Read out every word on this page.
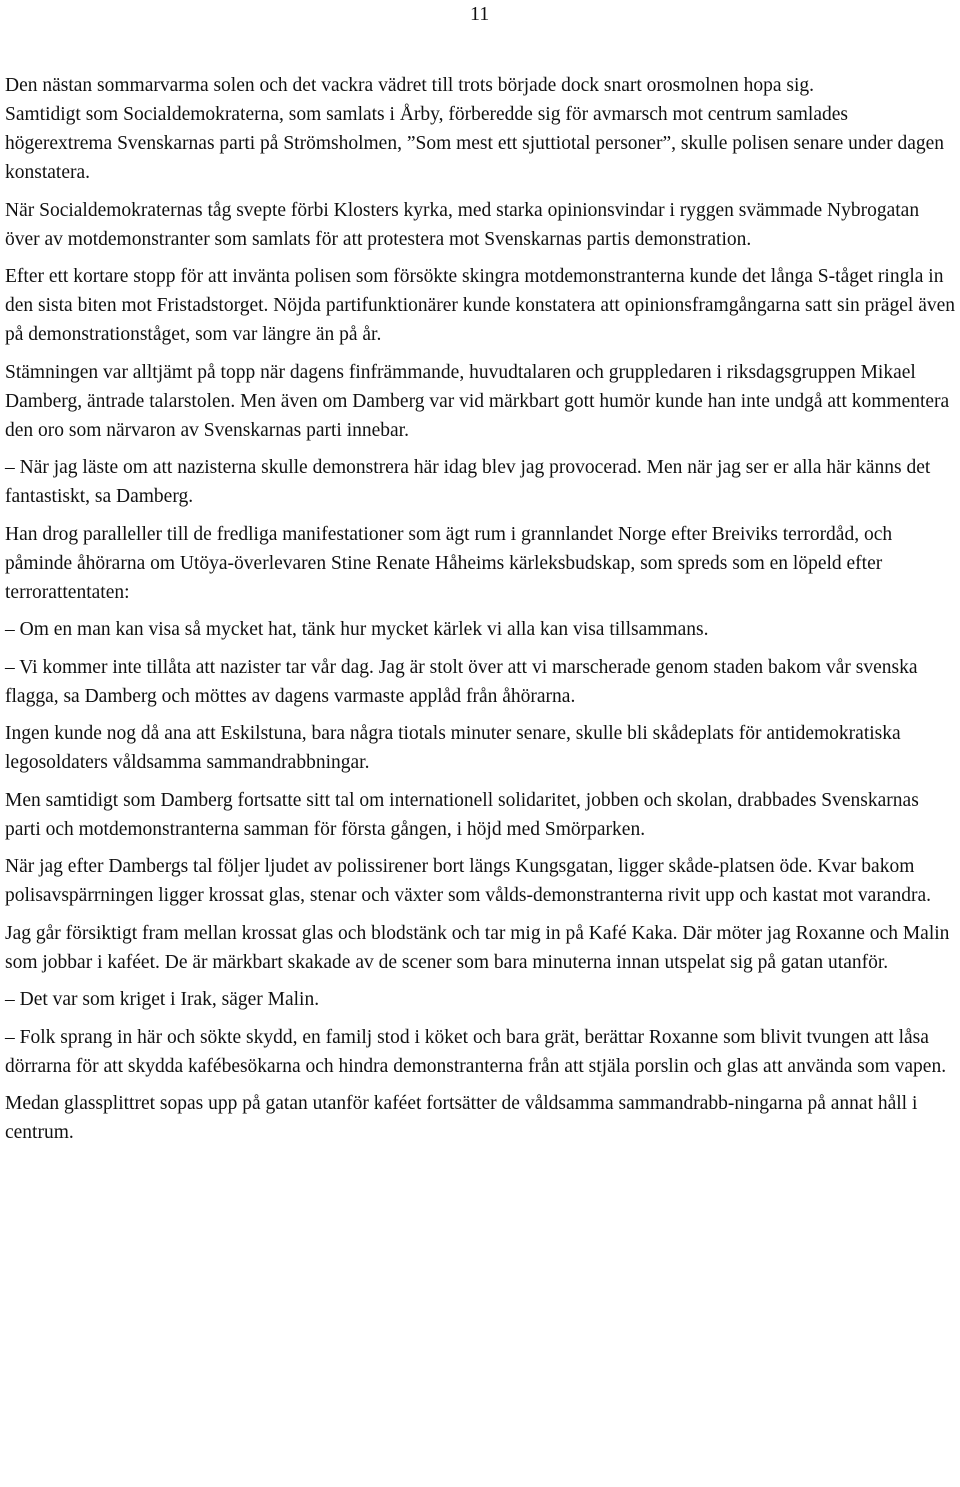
11

Den nästan sommarvarma solen och det vackra vädret till trots började dock snart orosmolnen hopa sig.

Samtidigt som Socialdemokraterna, som samlats i Årby, förberedde sig för avmarsch mot centrum samlades högerextrema Svenskarnas parti på Strömsholmen, ”Som mest ett sjuttiotal personer”, skulle polisen senare under dagen konstatera.

När Socialdemokraternas tåg svepte förbi Klosters kyrka, med starka opinionsvindar i ryggen svämmade Nybrogatan över av motdemonstranter som samlats för att protestera mot Svenskarnas partis demonstration.

Efter ett kortare stopp för att invänta polisen som försökte skingra motdemonstranterna kunde det långa S-tåget ringla in den sista biten mot Fristadstorget. Nöjda partifunktionärer kunde konstatera att opinionsframgångarna satt sin prägel även på demonstrationståget, som var längre än på år.

Stämningen var alltjämt på topp när dagens finfrämmande, huvudtalaren och gruppledaren i riksdagsgruppen Mikael Damberg, äntrade talarstolen. Men även om Damberg var vid märkbart gott humör kunde han inte undgå att kommentera den oro som närvaron av Svenskarnas parti innebar.

– När jag läste om att nazisterna skulle demonstrera här idag blev jag provocerad. Men när jag ser er alla här känns det fantastiskt, sa Damberg.

Han drog paralleller till de fredliga manifestationer som ägt rum i grannlandet Norge efter Breiviks terrordåd, och påminde åhörarna om Utöya-överlevaren Stine Renate Håheims kärleksbudskap, som spreds som en löpeld efter terrorattentaten:

– Om en man kan visa så mycket hat, tänk hur mycket kärlek vi alla kan visa tillsammans.

– Vi kommer inte tillåta att nazister tar vår dag. Jag är stolt över att vi marscherade genom staden bakom vår svenska flagga, sa Damberg och möttes av dagens varmaste applåd från åhörarna.

Ingen kunde nog då ana att Eskilstuna, bara några tiotals minuter senare, skulle bli skådeplats för antidemokratiska legosoldaters våldsamma sammandrabbningar.

Men samtidigt som Damberg fortsatte sitt tal om internationell solidaritet, jobben och skolan, drabbades Svenskarnas parti och motdemonstranterna samman för första gången, i höjd med Smörparken.

När jag efter Dambergs tal följer ljudet av polissirener bort längs Kungsgatan, ligger skåde-platsen öde. Kvar bakom polisavspärrningen ligger krossat glas, stenar och växter som vålds-demonstranterna rivit upp och kastat mot varandra.

Jag går försiktigt fram mellan krossat glas och blodstänk och tar mig in på Kafé Kaka. Där möter jag Roxanne och Malin som jobbar i kaféet. De är märkbart skakade av de scener som bara minuterna innan utspelat sig på gatan utanför.

– Det var som kriget i Irak, säger Malin.

– Folk sprang in här och sökte skydd, en familj stod i köket och bara grät, berättar Roxanne som blivit tvungen att låsa dörrarna för att skydda kafébesökarna och hindra demonstranterna från att stjäla porslin och glas att använda som vapen.

Medan glassplittret sopas upp på gatan utanför kaféet fortsätter de våldsamma sammandrabb-ningarna på annat håll i centrum.
